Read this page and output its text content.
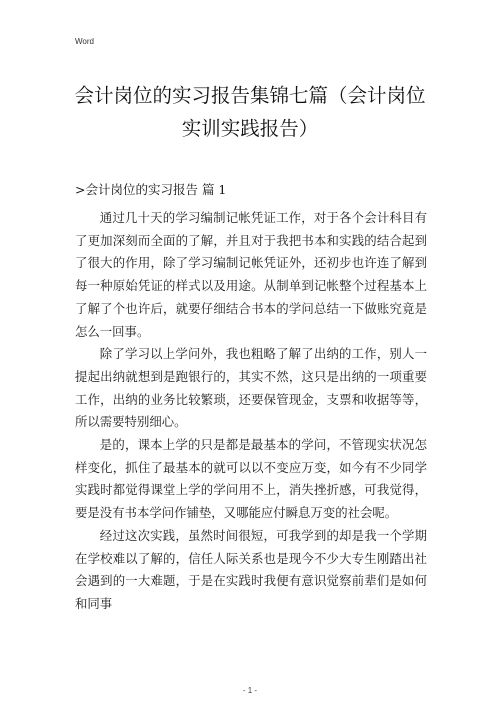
Word
会计岗位的实习报告集锦七篇（会计岗位
实训实践报告）
>会计岗位的实习报告 篇 1

通过几十天的学习编制记帐凭证工作，对于各个会计科目有了更加深刻而全面的了解，并且对于我把书本和实践的结合起到了很大的作用，除了学习编制记帐凭证外，还初步也许连了解到每一种原始凭证的样式以及用途。从制单到记帐整个过程基本上了解了个也许后，就要仔细结合书本的学问总结一下做账究竟是怎么一回事。

除了学习以上学问外，我也粗略了解了出纳的工作，别人一提起出纳就想到是跑银行的，其实不然，这只是出纳的一项重要工作，出纳的业务比较繁琐，还要保管现金，支票和收据等等，所以需要特别细心。

是的，课本上学的只是都是最基本的学问，不管现实状况怎样变化，抓住了最基本的就可以以不变应万变，如今有不少同学实践时都觉得课堂上学的学问用不上，消失挫折感，可我觉得，要是没有书本学问作铺垫，又哪能应付瞬息万变的社会呢。

经过这次实践，虽然时间很短，可我学到的却是我一个学期在学校难以了解的，信任人际关系也是现今不少大专生刚踏出社会遇到的一大难题，于是在实践时我便有意识觉察前辈们是如何和同事

- 1 -
